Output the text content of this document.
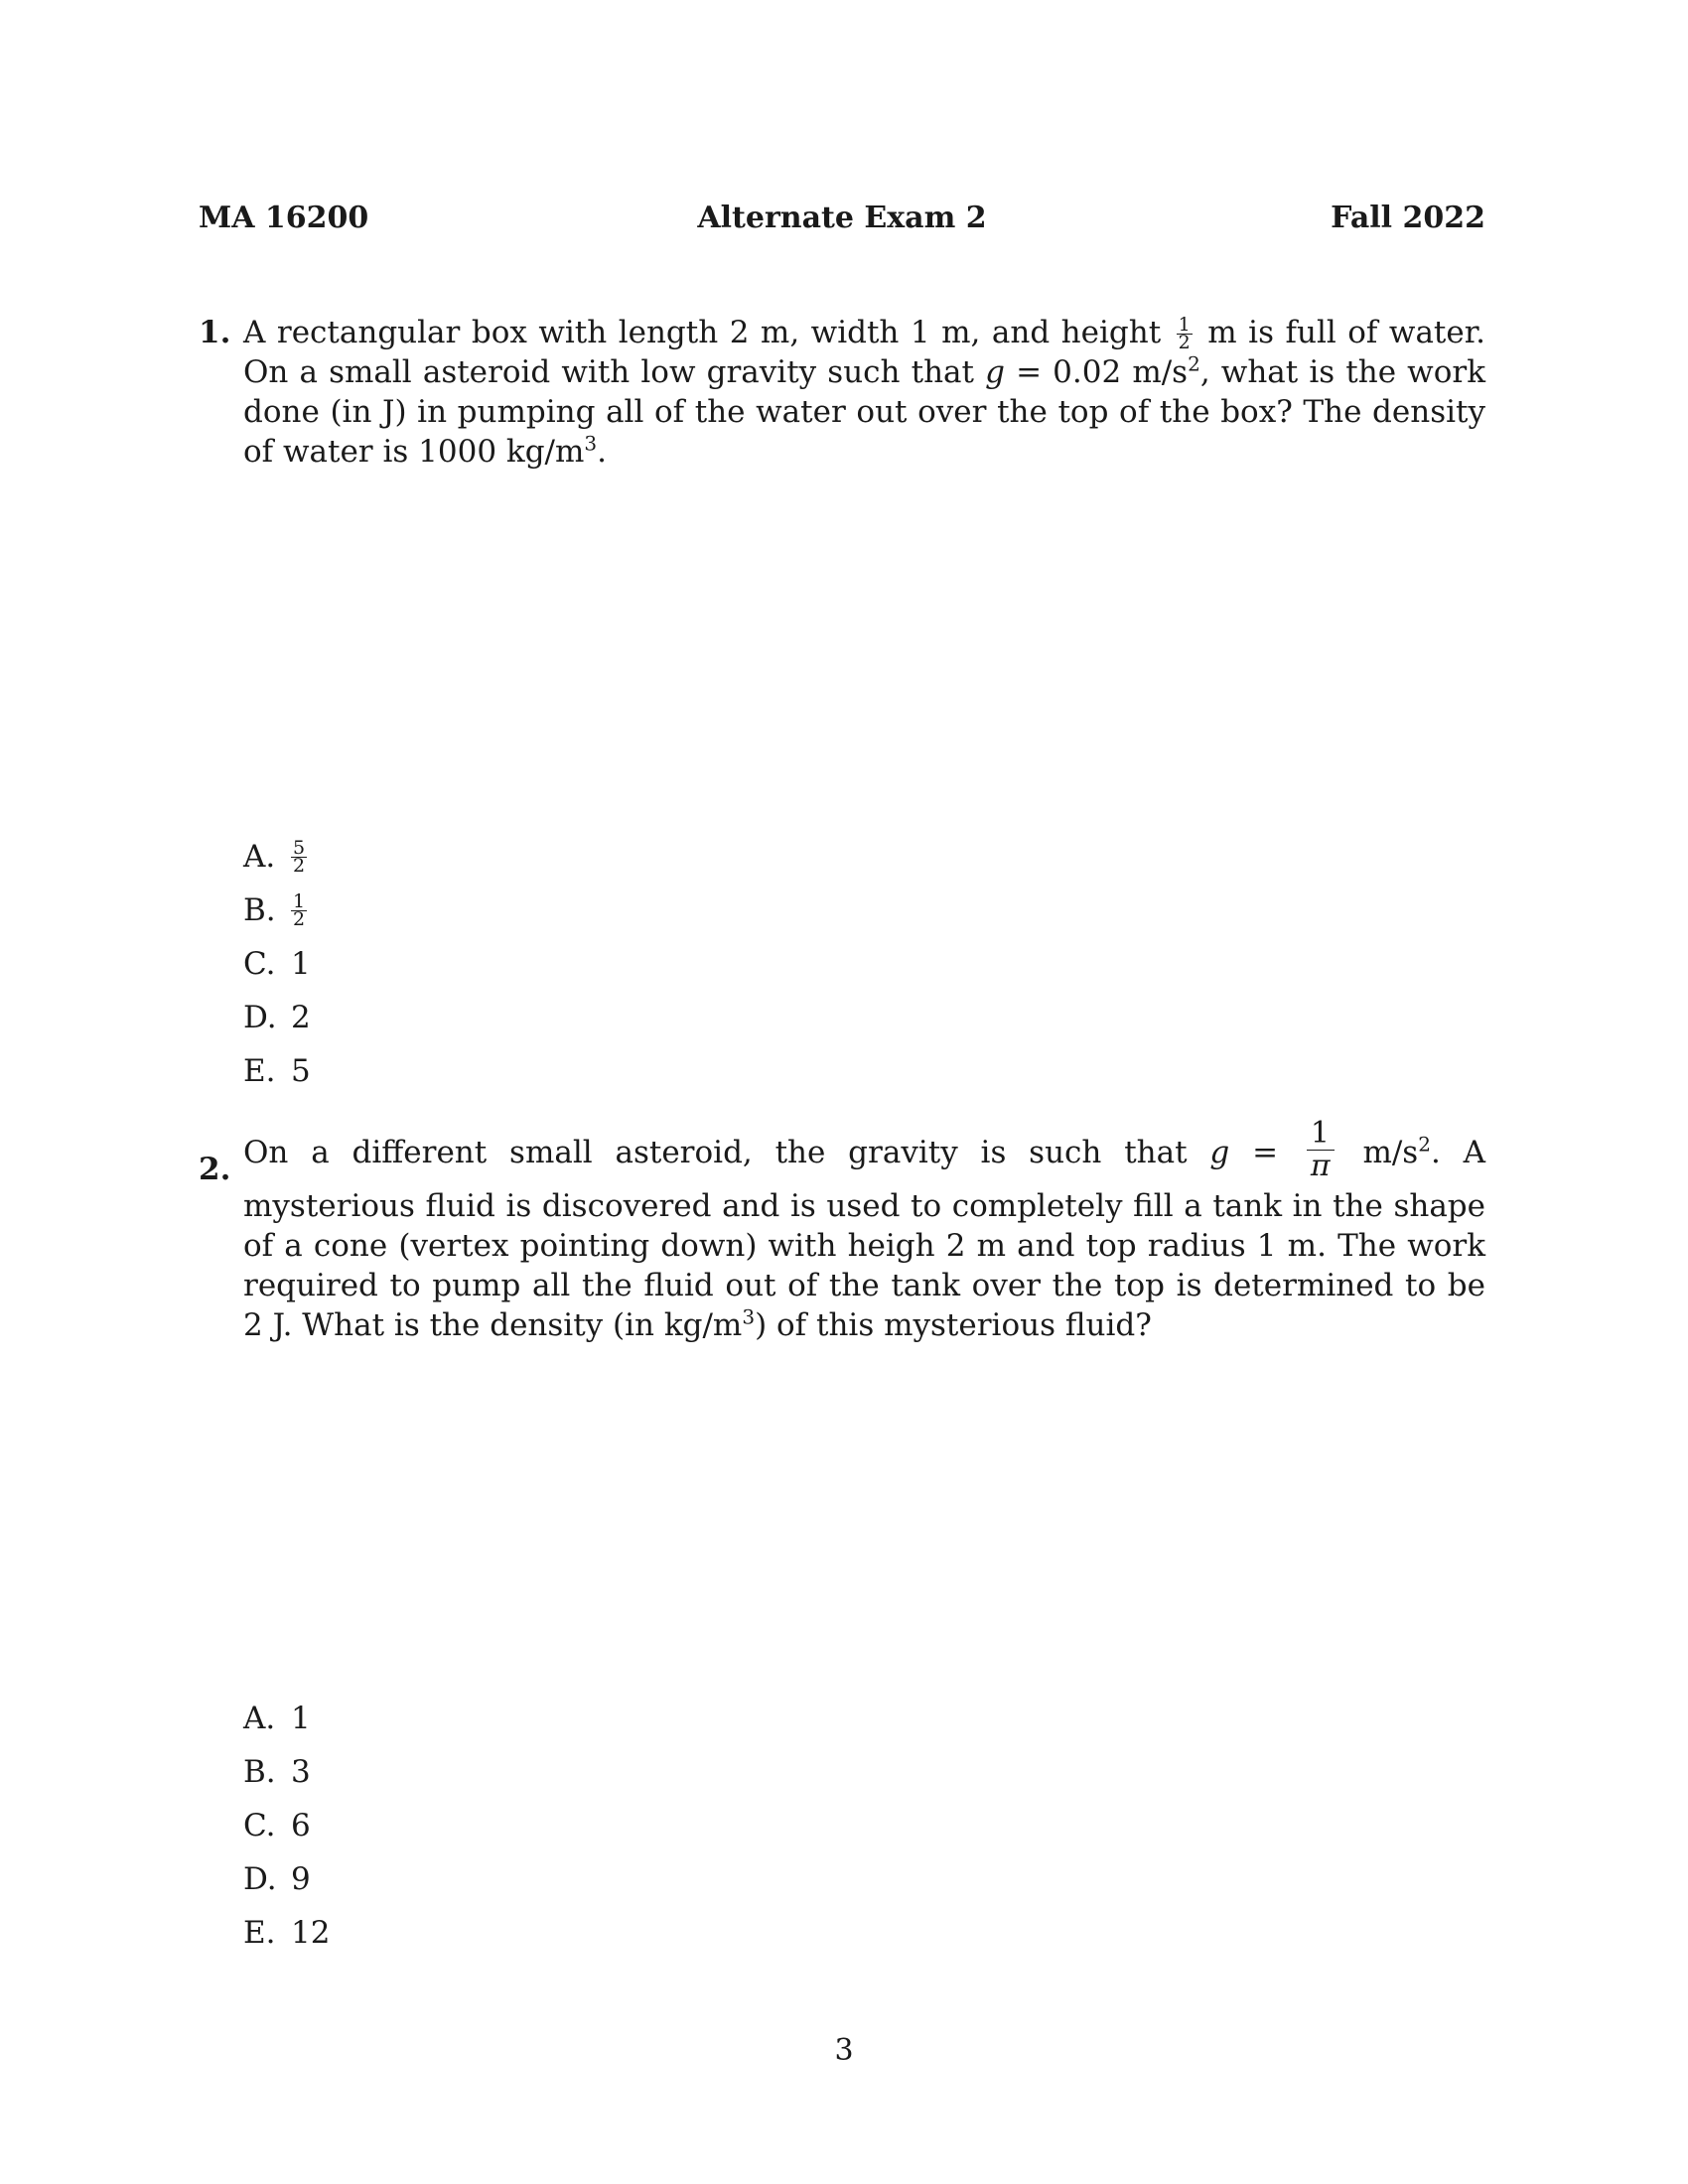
MA 16200	Alternate Exam 2	Fall 2022
1. A rectangular box with length 2 m, width 1 m, and height $\frac{1}{2}$ m is full of water. On a small asteroid with low gravity such that g = 0.02 $m/s^2$, what is the work done (in J) in pumping all of the water out over the top of the box? The density of water is 1000 $kg/m^3$.
A. $\frac{5}{2}$
B. $\frac{1}{2}$
C. 1
D. 2
E. 5
2. On a different small asteroid, the gravity is such that $g = \frac{1}{\pi} m/s^2$. A mysterious fluid is discovered and is used to completely fill a tank in the shape of a cone (vertex pointing down) with heigh 2 m and top radius 1 m. The work required to pump all the fluid out of the tank over the top is determined to be 2 J. What is the density (in $kg/m^3$) of this mysterious fluid?
A. 1
B. 3
C. 6
D. 9
E. 12
3
